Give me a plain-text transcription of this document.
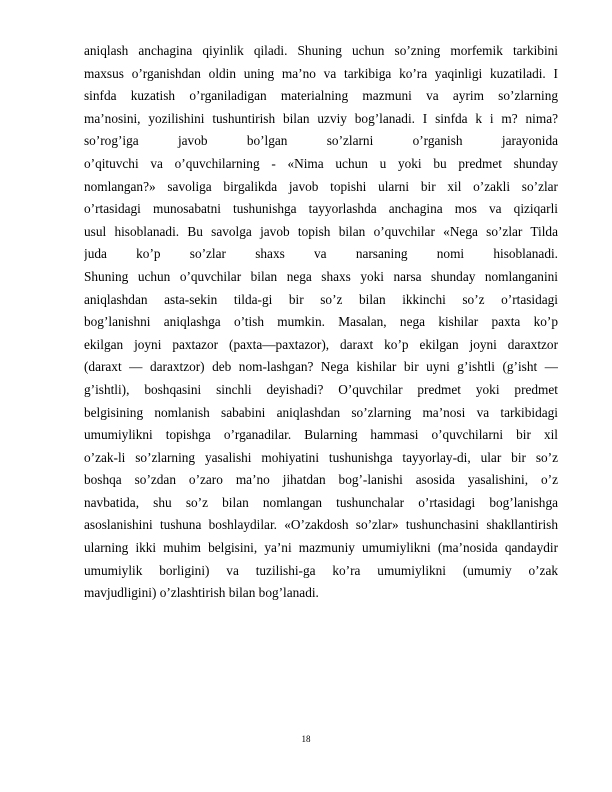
aniqlash anchagina qiyinlik qiladi. Shuning uchun so’zning morfemik tarkibini
maxsus o’rganishdan oldin uning ma’no va tarkibiga ko’ra yaqinligi kuzatiladi. I
sinfda kuzatish o’rganiladigan materialning mazmuni va ayrim so’zlarning
ma’nosini, yozilishini tushuntirish bilan uzviy bog’lanadi. I sinfda k i m? nima?
so’rog’iga javob bo’lgan so’zlarni o’rganish jarayonida
o’qituvchi va o’quvchilarning - «Nima uchun u yoki bu predmet shunday
nomlangan?» savoliga birgalikda javob topishi ularni bir xil o’zakli so’zlar
o’rtasidagi munosabatni tushunishga tayyorlashda anchagina mos va qiziqarli
usul hisoblanadi. Bu savolga javob topish bilan o’quvchilar «Nega so’zlar Tilda
juda ko’p so’zlar shaxs va narsaning nomi hisoblanadi.
Shuning uchun o’quvchilar bilan nega shaxs yoki narsa shunday nomlanganini
aniqlashdan asta-sekin tilda-gi bir so’z bilan ikkinchi so’z o’rtasidagi
bog’lanishni aniqlashga o’tish mumkin. Masalan, nega kishilar paxta ko’p
ekilgan joyni paxtazor (paxta—paxtazor), daraxt ko’p ekilgan joyni daraxtzor
(daraxt — daraxtzor) deb nom-lashgan? Nega kishilar bir uyni g’ishtli (g’isht —
g’ishtli), boshqasini sinchli deyishadi? O’quvchilar predmet yoki predmet
belgisining nomlanish sababini aniqlashdan so’zlarning ma’nosi va tarkibidagi
umumiylikni topishga o’rganadilar. Bularning hammasi o’quvchilarni bir xil
o’zak-li so’zlarning yasalishi mohiyatini tushunishga tayyorlay-di, ular bir so’z
boshqa so’zdan o’zaro ma’no jihatdan bog’-lanishi asosida yasalishini, o’z
navbatida, shu so’z bilan nomlangan tushunchalar o’rtasidagi bog’lanishga
asoslanishini tushuna boshlaydilar. «O’zakdosh so’zlar» tushunchasini shakllantirish
ularning ikki muhim belgisini, ya’ni mazmuniy umumiylikni (ma’nosida qandaydir
umumiylik borligini) va tuzilishi-ga ko’ra umumiylikni (umumiy o’zak
mavjudligini) o’zlashtirish bilan bog’lanadi.
18
